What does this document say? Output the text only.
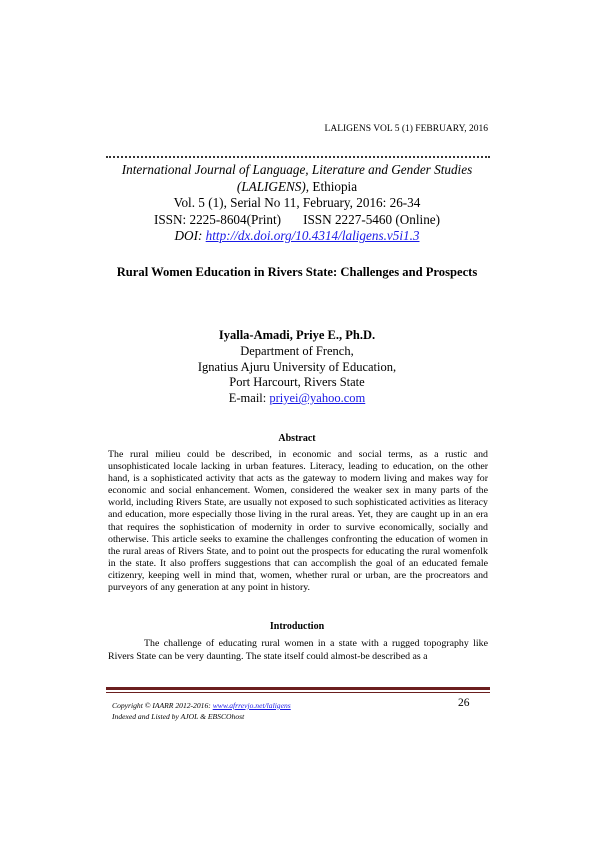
LALIGENS VOL 5 (1) FEBRUARY, 2016
International Journal of Language, Literature and Gender Studies
(LALIGENS), Ethiopia
Vol. 5 (1), Serial No 11, February, 2016: 26-34
ISSN: 2225-8604(Print) ISSN 2227-5460 (Online)
DOI: http://dx.doi.org/10.4314/laligens.v5i1.3
Rural Women Education in Rivers State: Challenges and Prospects
Iyalla-Amadi, Priye E., Ph.D.
Department of French,
Ignatius Ajuru University of Education,
Port Harcourt, Rivers State
E-mail: priyei@yahoo.com
Abstract
The rural milieu could be described, in economic and social terms, as a rustic and unsophisticated locale lacking in urban features. Literacy, leading to education, on the other hand, is a sophisticated activity that acts as the gateway to modern living and makes way for economic and social enhancement. Women, considered the weaker sex in many parts of the world, including Rivers State, are usually not exposed to such sophisticated activities as literacy and education, more especially those living in the rural areas. Yet, they are caught up in an era that requires the sophistication of modernity in order to survive economically, socially and otherwise. This article seeks to examine the challenges confronting the education of women in the rural areas of Rivers State, and to point out the prospects for educating the rural womenfolk in the state. It also proffers suggestions that can accomplish the goal of an educated female citizenry, keeping well in mind that, women, whether rural or urban, are the procreators and purveyors of any generation at any point in history.
Introduction

The challenge of educating rural women in a state with a rugged topography like Rivers State can be very daunting. The state itself could almost-be described as a

Copyright © IAARR 2012-2016: www.afrrevjo.net/laligens
Indexed and Listed by AJOL & EBSCOhost
26
